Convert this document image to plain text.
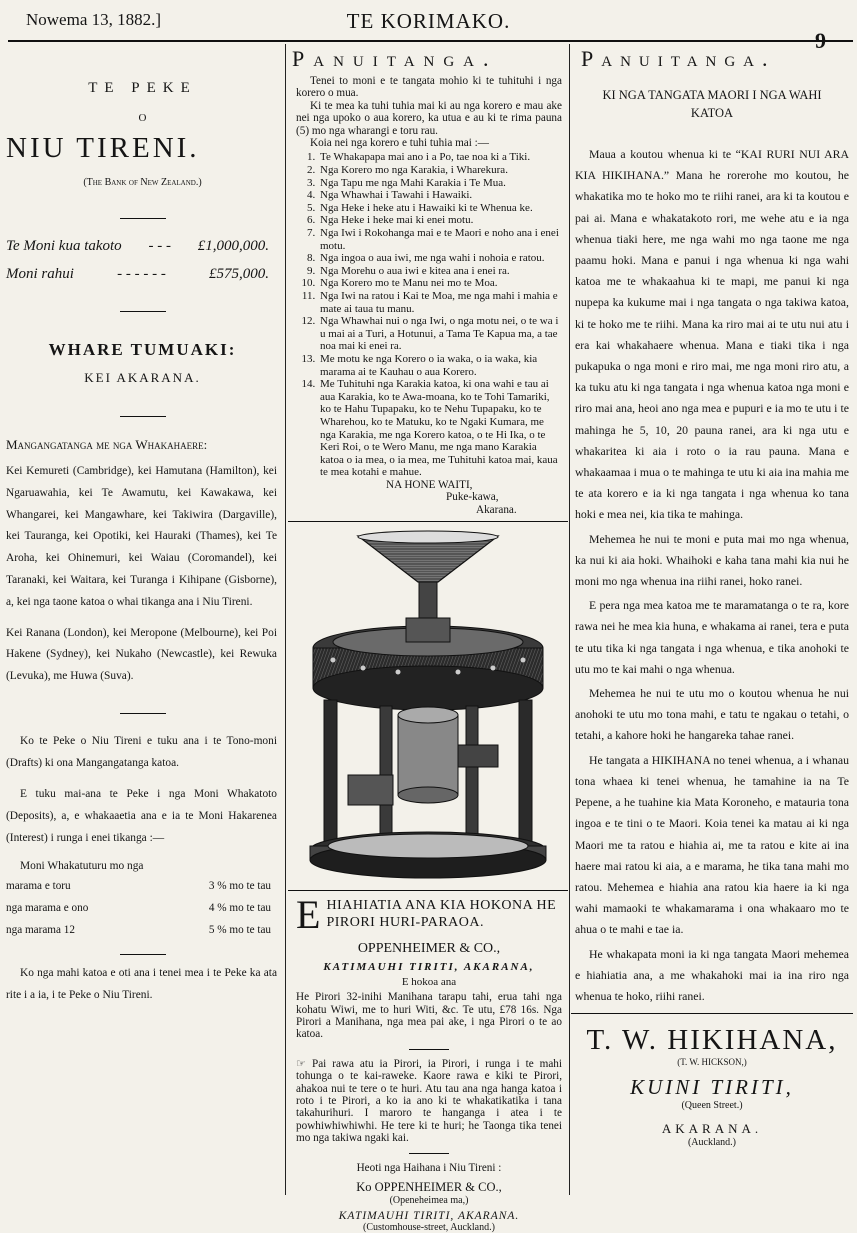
Nowema 13, 1882.]	TE KORIMAKO.
9
TE PEKE
O
NIU TIRENI.
(The Bank of New Zealand.)
Te Moni kua takoto - - - £1,000,000.
Moni rahui	- - - - - -	£575,000.
WHARE TUMUAKI:
KEI AKARANA.
Mangangatanga me nga Whakahaere:

Kei Kemureti (Cambridge), kei Hamutana (Hamilton), kei Ngaruawahia, kei Te Awamutu, kei Kawakawa, kei Whangarei, kei Mangawhare, kei Takiwira (Dargaville), kei Tauranga, kei Opotiki, kei Hauraki (Thames), kei Te Aroha, kei Ohinemuri, kei Waiau (Coromandel), kei Taranaki, kei Waitara, kei Turanga i Kihipane (Gisborne), a, kei nga taone katoa o whai tikanga ana i Niu Tireni.

Kei Ranana (London), kei Meropone (Melbourne), kei Poi Hakene (Sydney), kei Nukaho (Newcastle), kei Rewuka (Levuka), me Huwa (Suva).

Ko te Peke o Niu Tireni e tuku ana i te Tono-moni (Drafts) ki ona Mangangatanga katoa.

E tuku mai-ana te Peke i nga Moni Whakatoto (Deposits), a, e whakaaetia ana e ia te Moni Hakarenea (Interest) i runga i enei tikanga :—

Moni Whakatuturu mo nga
marama e toru	3 % mo te tau
nga marama e ono	4 % mo te tau
nga marama 12	5 % mo te tau

Ko nga mahi katoa e oti ana i tenei mea i te Peke ka ata rite i a ia, i te Peke o Niu Tireni.

Panuitanga.

Tenei to moni e te tangata mohio ki te tuhituhi i nga korero o mua.

Ki te mea ka tuhi tuhia mai ki au nga korero e mau ake nei nga upoko o aua korero, ka utua e au ki te rima pauna (5) mo nga wharangi e toru rau.

Koia nei nga korero e tuhi tuhia mai :—

1. Te Whakapapa mai ano i a Po, tae noa ki a Tiki.
2. Nga Korero mo nga Karakia, i Wharekura.
3. Nga Tapu me nga Mahi Karakia i Te Mua.
4. Nga Whawhai i Tawahi i Hawaiki.
5. Nga Heke i heke atu i Hawaiki ki te Whenua ke.
6. Nga Heke i heke mai ki enei motu.
7. Nga Iwi i Rokohanga mai e te Maori e noho ana i enei motu.
8. Nga ingoa o aua iwi, me nga wahi i nohoia e ratou.
9. Nga Morehu o aua iwi e kitea ana i enei ra.
10. Nga Korero mo te Manu nei mo te Moa.
11. Nga Iwi na ratou i Kai te Moa, me nga mahi i mahia e mate ai taua tu manu.
12. Nga Whawhai nui o nga Iwi, o nga motu nei, o te wa i u mai ai a Turi, a Hotunui, a Tama Te Kapua ma, a tae noa mai ki enei ra.
13. Me motu ke nga Korero o ia waka, o ia waka, kia marama ai te Kauhau o aua Korero.
14. Me Tuhituhi nga Karakia katoa, ki ona wahi e tau ai aua Karakia, ko te Awa-moana, ko te Tohi Tamariki, ko te Hahu Tupapaku, ko te Nehu Tupapaku, ko te Wharehou, ko te Matuku, ko te Ngaki Kumara, me nga Karakia, me nga Korero katoa, o te Hi Ika, o te Keri Roi, o te Wero Manu, me nga mano Karakia katoa o ia mea, o ia mea, me Tuhituhi katoa mai, kaua te mea kotahi e mahue.
NA HONE WAITI,
Puke-kawa,
Akarana.
E HIAHIATIA ANA KIA HOKONA HE PIRORI HURI-PARAOA.
OPPENHEIMER & CO.,
KATIMAUHI TIRITI, AKARANA,
E hokoa ana

He Pirori 32-inihi Manihana tarapu tahi, erua tahi nga kohatu Wiwi, me to huri Witi, &c. Te utu, £78 16s. Nga Pirori a Manihana, nga mea pai ake, i nga Pirori o te ao katoa.

☞ Pai rawa atu ia Pirori, ia Pirori, i runga i te mahi tohunga o te kai-raweke. Kaore rawa e kiki te Pirori, ahakoa nui te tere o te huri. Atu tau ana nga hanga katoa i roto i te Pirori, a ko ia ano ki te whakatikatika i tana takahurihuri. I maroro te hanganga i atea i te powhiwhiwhiwhi. He tere ki te huri; he Taonga tika tenei mo nga takiwa ngaki kai.

Heoti nga Haihana i Niu Tireni :
Ko OPPENHEIMER & CO.,
(Openeheimea ma,)
KATIMAUHI TIRITI, AKARANA.
(Customhouse-street, Auckland.)
Panuitanga.
KI NGA TANGATA MAORI I NGA WAHI KATOA

Maua a koutou whenua ki te “KAI RURI NUI ARA KIA HIKIHANA.” Mana he rorerohe mo koutou, he whakatika mo te hoko mo te riihi ranei, ara ki ta koutou e pai ai. Mana e whakatakoto rori, me wehe atu e ia nga whenua tiaki here, me nga wahi mo nga taone me nga paamu hoki. Mana e panui i nga whenua ki nga wahi katoa me te whakaahua ki te mapi, me panui ki nga nupepa ka kukume mai i nga tangata o nga takiwa katoa, ki te hoko me te riihi. Mana ka riro mai ai te utu nui atu i era kai whakahaere whenua. Mana e tiaki tika i nga pukapuka o nga moni e riro mai, me nga moni riro atu, a ka tuku atu ki nga tangata i nga whenua katoa nga moni e riro mai ana, heoi ano nga mea e pupuri e ia mo te utu i te mahinga he 5, 10, 20 pauna ranei, ara ki nga utu e whakaritea ki aia i roto o ia rau pauna. Mana e whakaamaa i mua o te mahinga te utu ki aia ina mahia me te ata korero e ia ki nga tangata i nga whenua ko tana hoki e mea nei, kia tika te mahinga.

Mehemea he nui te moni e puta mai mo nga whenua, ka nui ki aia hoki. Whaihoki e kaha tana mahi kia nui he moni mo nga whenua ina riihi ranei, hoko ranei.

E pera nga mea katoa me te maramatanga o te ra, kore rawa nei he mea kia huna, e whakama ai ranei, tera e puta te utu tika ki nga tangata i nga whenua, e tika anohoki te utu mo te kai mahi o nga whenua.

Mehemea he nui te utu mo o koutou whenua he nui anohoki te utu mo tona mahi, e tatu te ngakau o tetahi, o tetahi, a kahore hoki he hangareka tahae ranei.

He tangata a HIKIHANA no tenei whenua, a i whanau tona whaea ki tenei whenua, he tamahine ia na Te Pepene, a he tuahine kia Mata Koroneho, e matauria tona ingoa e te tini o te Maori. Koia tenei ka matau ai ki nga Maori me ta ratou e hiahia ai, me ta ratou e kite ai ina haere mai ratou ki aia, a e marama, he tika tana mahi mo ratou. Mehemea e hiahia ana ratou kia haere ia ki nga wahi mamaoki te whakamarama i ona whakaaro mo te ahua o te mahi e tae ia.

He whakapata moni ia ki nga tangata Maori mehemea e hiahiatia ana, a me whakahoki mai ia ina riro nga whenua te hoko, riihi ranei.

T. W. HIKIHANA,
(T. W. HICKSON,)
KUINI TIRITI,
(Queen Street.)
AKARANA.
(Auckland.)
